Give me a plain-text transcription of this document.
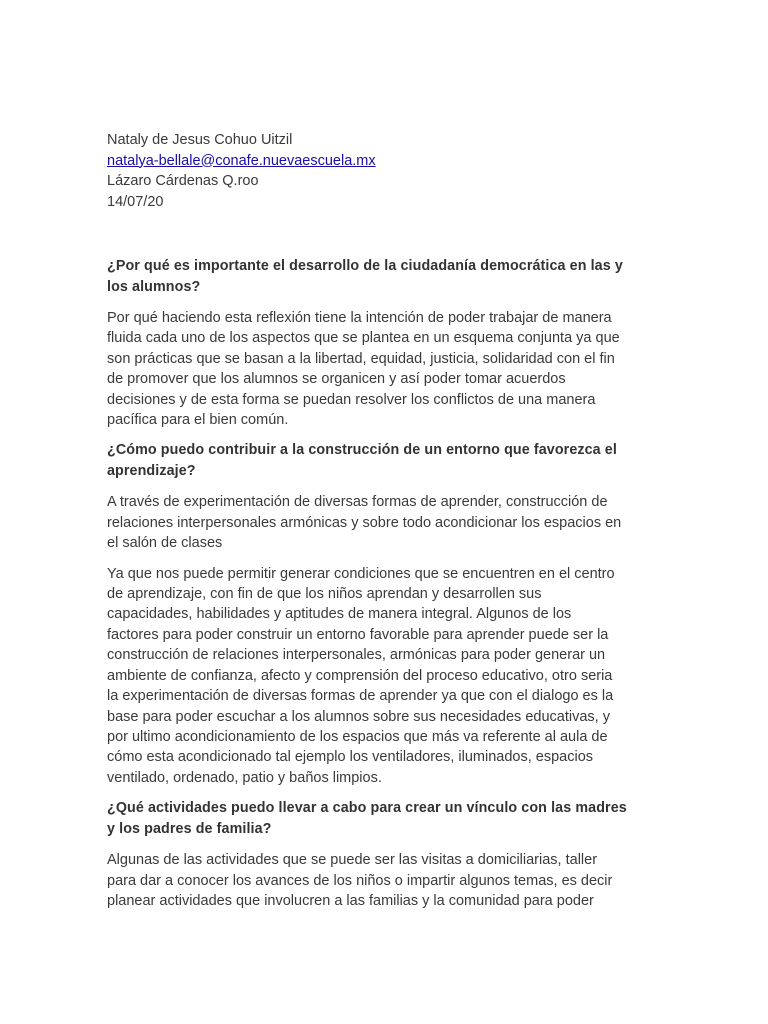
Nataly de Jesus Cohuo Uitzil
natalya-bellale@conafe.nuevaescuela.mx
Lázaro Cárdenas Q.roo
14/07/20

¿Por qué es importante el desarrollo de la ciudadanía democrática en las y
los alumnos?

Por qué haciendo esta reflexión tiene la intención de poder trabajar de manera
fluida cada uno de los aspectos que se plantea en un esquema conjunta ya que
son prácticas que se basan a la libertad, equidad, justicia, solidaridad con el fin
de promover que los alumnos se organicen y así poder tomar acuerdos
decisiones y de esta forma se puedan resolver los conflictos de una manera
pacífica para el bien común.

¿Cómo puedo contribuir a la construcción de un entorno que favorezca el
aprendizaje?

A través de experimentación de diversas formas de aprender, construcción de
relaciones interpersonales armónicas y sobre todo acondicionar los espacios en
el salón de clases

Ya que nos puede permitir generar condiciones que se encuentren en el centro
de aprendizaje, con fin de que los niños aprendan y desarrollen sus
capacidades, habilidades y aptitudes de manera integral. Algunos de los
factores para poder construir un entorno favorable para aprender puede ser la
construcción de relaciones interpersonales, armónicas para poder generar un
ambiente de confianza, afecto y comprensión del proceso educativo, otro seria
la experimentación de diversas formas de aprender ya que con el dialogo es la
base para poder escuchar a los alumnos sobre sus necesidades educativas, y
por ultimo acondicionamiento de los espacios que más va referente al aula de
cómo esta acondicionado tal ejemplo los ventiladores, iluminados, espacios
ventilado, ordenado, patio y baños limpios.

¿Qué actividades puedo llevar a cabo para crear un vínculo con las madres
y los padres de familia?

Algunas de las actividades que se puede ser las visitas a domiciliarias, taller
para dar a conocer los avances de los niños o impartir algunos temas, es decir
planear actividades que involucren a las familias y la comunidad para poder
